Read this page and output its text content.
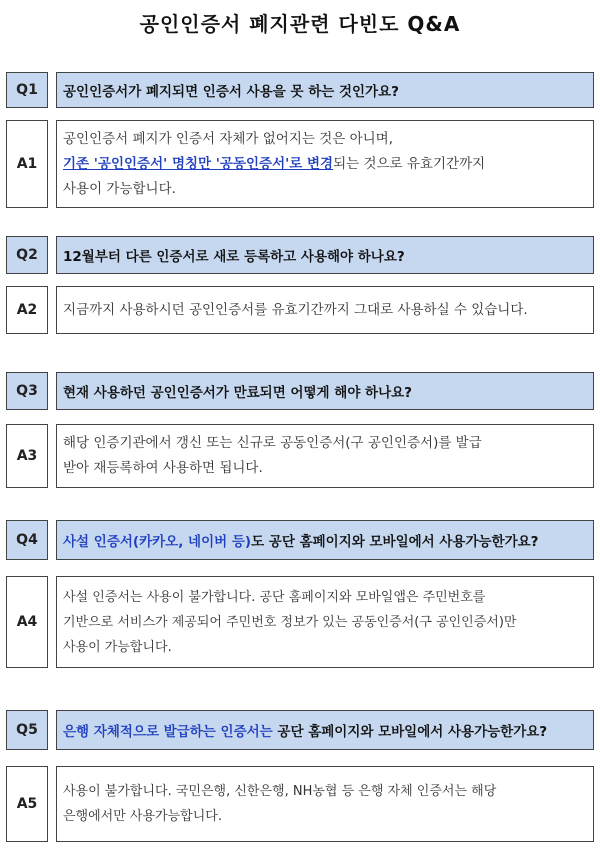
공인인증서 폐지관련 다빈도 Q&A
Q1	공인인증서가 폐지되면 인증서 사용을 못 하는 것인가요?
A1
공인인증서 폐지가 인증서 자체가 없어지는 것은 아니며,
기존 '공인인증서' 명칭만 '공동인증서'로 변경되는 것으로 유효기간까지
사용이 가능합니다.
Q2	12월부터 다른 인증서로 새로 등록하고 사용해야 하나요?
A2	지금까지 사용하시던 공인인증서를 유효기간까지 그대로 사용하실 수 있습니다.
Q3	현재 사용하던 공인인증서가 만료되면 어떻게 해야 하나요?
A3
해당 인증기관에서 갱신 또는 신규로 공동인증서(구 공인인증서)를 발급
받아 재등록하여 사용하면 됩니다.
Q4	사설 인증서(카카오, 네이버 등)도 공단 홈페이지와 모바일에서 사용가능한가요?
A4
사설 인증서는 사용이 불가합니다. 공단 홈페이지와 모바일앱은 주민번호를
기반으로 서비스가 제공되어 주민번호 정보가 있는 공동인증서(구 공인인증서)만
사용이 가능합니다.
Q5	은행 자체적으로 발급하는 인증서는 공단 홈페이지와 모바일에서 사용가능한가요?
A5
사용이 불가합니다. 국민은행, 신한은행, NH농협 등 은행 자체 인증서는 해당
은행에서만 사용가능합니다.
